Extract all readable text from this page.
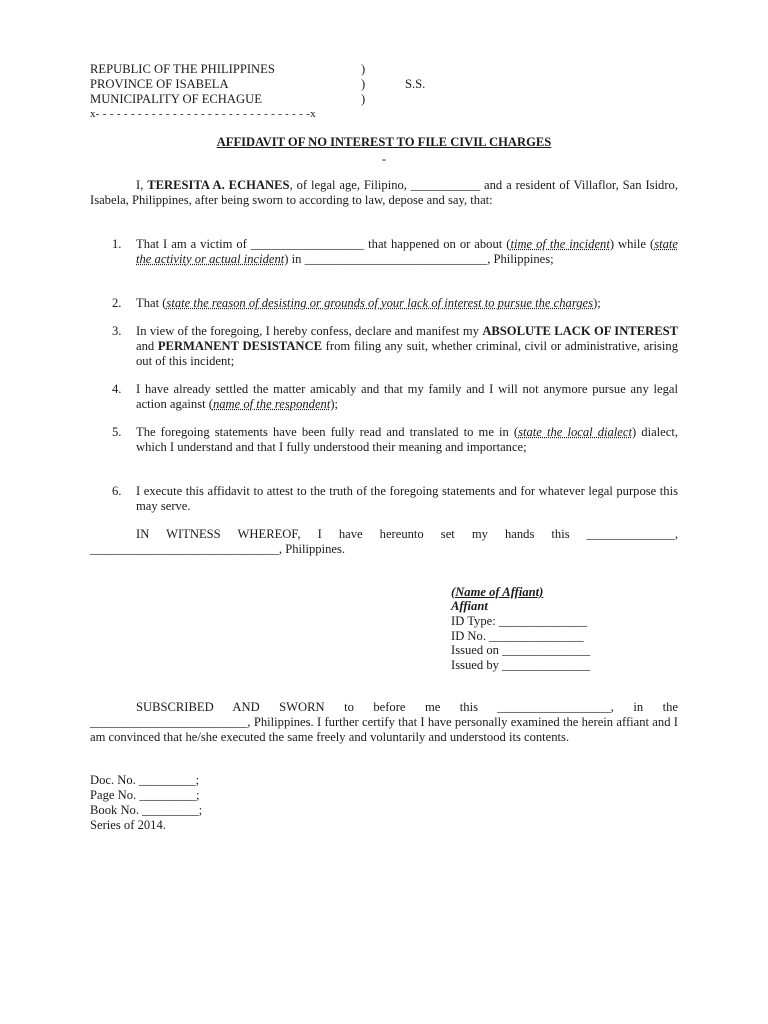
REPUBLIC OF THE PHILIPPINES
PROVINCE OF ISABELA
MUNICIPALITY OF ECHAGUE
)
)
)
S.S.
x- - - - - - - - - - - - - - - - - - - - - - - - - - - - - - -x
AFFIDAVIT OF NO INTEREST TO FILE CIVIL CHARGES
-
I, TERESITA A. ECHANES, of legal age, Filipino, ___________ and a resident of Villaflor, San Isidro, Isabela, Philippines, after being sworn to according to law, depose and say, that:
1. That I am a victim of __________________ that happened on or about (time of the incident) while (state the activity or actual incident) in _____________________________, Philippines;
2. That (state the reason of desisting or grounds of your lack of interest to pursue the charges);
3. In view of the foregoing, I hereby confess, declare and manifest my ABSOLUTE LACK OF INTEREST and PERMANENT DESISTANCE from filing any suit, whether criminal, civil or administrative, arising out of this incident;
4. I have already settled the matter amicably and that my family and I will not anymore pursue any legal action against (name of the respondent);
5. The foregoing statements have been fully read and translated to me in (state the local dialect) dialect, which I understand and that I fully understood their meaning and importance;
6. I execute this affidavit to attest to the truth of the foregoing statements and for whatever legal purpose this may serve.
IN WITNESS WHEREOF, I have hereunto set my hands this ______________, ______________________________, Philippines.
(Name of Affiant)
Affiant
ID Type: ______________
ID No. _______________
Issued on ______________
Issued by ______________
SUBSCRIBED AND SWORN to before me this __________________, in the _________________________, Philippines. I further certify that I have personally examined the herein affiant and I am convinced that he/she executed the same freely and voluntarily and understood its contents.
Doc. No. _________;
Page No. _________;
Book No. _________;
Series of 2014.
